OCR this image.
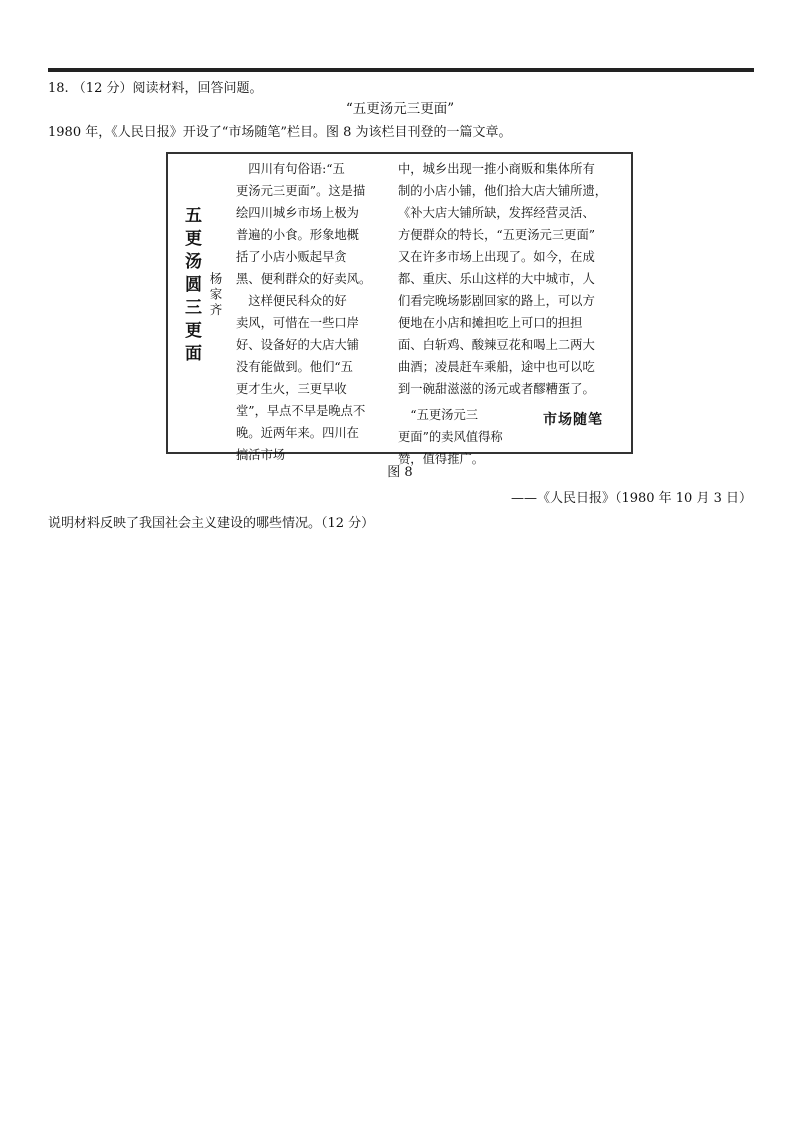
18. （12 分）阅读材料，回答问题。
“五更汤元三更面”
1980 年，《人民日报》开设了“市场随笔”栏目。图 8 为该栏目刊登的一篇文章。
五更汤圆三更面 杨家齐
　四川有句俗语:“五
更汤元三更面”。这是描
绘四川城乡市场上极为
普遍的小食。形象地概
括了小店小贩起早贪
黑、便利群众的好卖风。
　这样便民科众的好
卖风，可惜在一些口岸
好、设备好的大店大铺
没有能做到。他们“五
更才生火，三更早收
堂”，早点不早是晚点不
晚。近两年来。四川在
搞活市场
中，城乡出现一推小商贩和集体所有
制的小店小铺，他们拾大店大铺所遗，
《补大店大铺所缺，发挥经营灵活、
方便群众的特长，“五更汤元三更面”
又在许多市场上出现了。如今，在成
都、重庆、乐山这样的大中城市，人
们看完晚场影剧回家的路上，可以方
便地在小店和摊担吃上可口的担担
面、白斩鸡、酸辣豆花和喝上二两大
曲酒；凌晨赶车乘船，途中也可以吃
到一碗甜滋滋的汤元或者醪糟蛋了。
　“五更汤元三
更面”的卖风值得称
赞，值得推广。
市场随笔
图 8
——《人民日报》（1980 年 10 月 3 日）
说明材料反映了我国社会主义建设的哪些情况。（12 分）
